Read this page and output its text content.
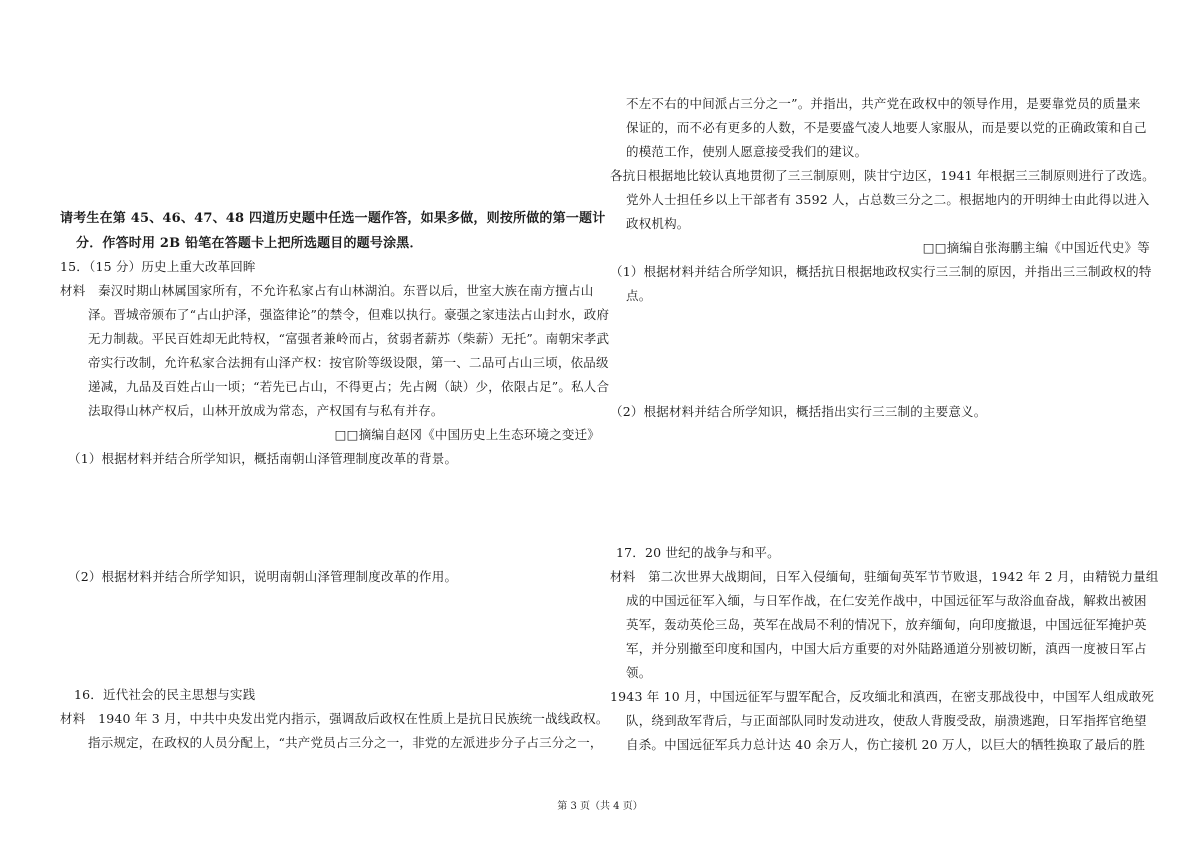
请考生在第 45、46、47、48 四道历史题中任选一题作答，如果多做，则按所做的第一题计
分．作答时用 2B 铅笔在答题卡上把所选题目的题号涂黑．
15．（15 分）历史上重大改革回眸
材料　秦汉时期山林属国家所有，不允许私家占有山林湖泊。东晋以后，世室大族在南方擅占山
泽。晋城帝颁布了“占山护泽，强盗律论”的禁令，但难以执行。豪强之家违法占山封水，政府
无力制裁。平民百姓却无此特权，“富强者兼岭而占，贫弱者薪苏（柴薪）无托”。南朝宋孝武
帝实行改制，允许私家合法拥有山泽产权：按官阶等级设限，第一、二品可占山三顷，依品级
递减，九品及百姓占山一顷；“若先已占山，不得更占；先占阙（缺）少，依限占足”。私人合
法取得山林产权后，山林开放成为常态，产权国有与私有并存。
□□摘编自赵冈《中国历史上生态环境之变迁》
（1）根据材料并结合所学知识，概括南朝山泽管理制度改革的背景。
（2）根据材料并结合所学知识，说明南朝山泽管理制度改革的作用。
16．近代社会的民主思想与实践
材料　1940 年 3 月，中共中央发出党内指示，强调敌后政权在性质上是抗日民族统一战线政权。
指示规定，在政权的人员分配上，“共产党员占三分之一，非党的左派进步分子占三分之一，
不左不右的中间派占三分之一”。并指出，共产党在政权中的领导作用，是要靠党员的质量来
保证的，而不必有更多的人数，不是要盛气凌人地要人家服从，而是要以党的正确政策和自己
的模范工作，使别人愿意接受我们的建议。
各抗日根据地比较认真地贯彻了三三制原则，陕甘宁边区，1941 年根据三三制原则进行了改选。
党外人士担任乡以上干部者有 3592 人，占总数三分之二。根据地内的开明绅士由此得以进入
政权机构。
□□摘编自张海鹏主编《中国近代史》等
（1）根据材料并结合所学知识，概括抗日根据地政权实行三三制的原因，并指出三三制政权的特
点。
（2）根据材料并结合所学知识，概括指出实行三三制的主要意义。
17．20 世纪的战争与和平。
材料　第二次世界大战期间，日军入侵缅甸，驻缅甸英军节节败退，1942 年 2 月，由精锐力量组
成的中国远征军入缅，与日军作战，在仁安羌作战中，中国远征军与敌浴血奋战，解救出被困
英军，轰动英伦三岛，英军在战局不利的情况下，放弃缅甸，向印度撤退，中国远征军掩护英
军，并分别撤至印度和国内，中国大后方重要的对外陆路通道分别被切断，滇西一度被日军占
领。
1943 年 10 月，中国远征军与盟军配合，反攻缅北和滇西，在密支那战役中，中国军人组成敢死
队，绕到敌军背后，与正面部队同时发动进攻，使敌人背腹受敌，崩溃逃跑，日军指挥官绝望
自杀。中国远征军兵力总计达 40 余万人，伤亡接机 20 万人，以巨大的牺牲换取了最后的胜
第 3 页（共 4 页）
